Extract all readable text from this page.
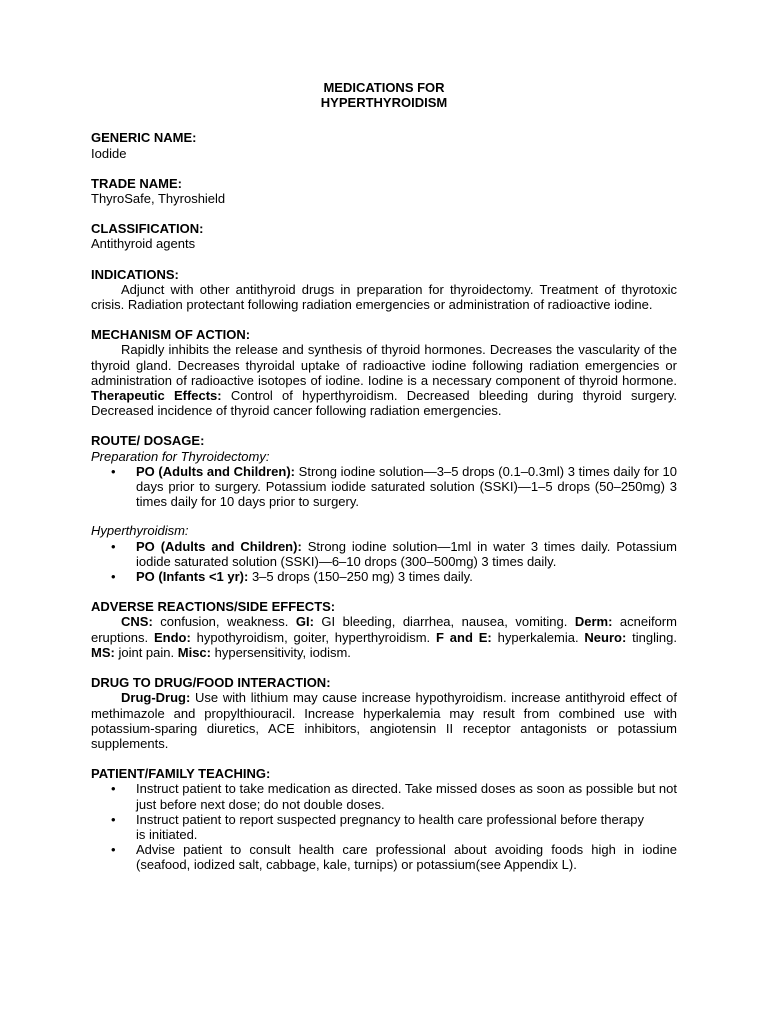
MEDICATIONS FOR
HYPERTHYROIDISM
GENERIC NAME:
Iodide
TRADE NAME:
ThyroSafe, Thyroshield
CLASSIFICATION:
Antithyroid agents
INDICATIONS:
Adjunct with other antithyroid drugs in preparation for thyroidectomy. Treatment of thyrotoxic crisis. Radiation protectant following radiation emergencies or administration of radioactive iodine.
MECHANISM OF ACTION:
Rapidly inhibits the release and synthesis of thyroid hormones. Decreases the vascularity of the thyroid gland. Decreases thyroidal uptake of radioactive iodine following radiation emergencies or administration of radioactive isotopes of iodine. Iodine is a necessary component of thyroid hormone. Therapeutic Effects: Control of hyperthyroidism. Decreased bleeding during thyroid surgery. Decreased incidence of thyroid cancer following radiation emergencies.
ROUTE/ DOSAGE:
Preparation for Thyroidectomy:
• PO (Adults and Children): Strong iodine solution—3–5 drops (0.1–0.3ml) 3 times daily for 10 days prior to surgery. Potassium iodide saturated solution (SSKI)—1–5 drops (50–250mg) 3 times daily for 10 days prior to surgery.
Hyperthyroidism:
• PO (Adults and Children): Strong iodine solution—1ml in water 3 times daily. Potassium iodide saturated solution (SSKI)—6–10 drops (300–500mg) 3 times daily.
• PO (Infants <1 yr): 3–5 drops (150–250 mg) 3 times daily.
ADVERSE REACTIONS/SIDE EFFECTS:
CNS: confusion, weakness. GI: GI bleeding, diarrhea, nausea, vomiting. Derm: acneiform eruptions. Endo: hypothyroidism, goiter, hyperthyroidism. F and E: hyperkalemia. Neuro: tingling. MS: joint pain. Misc: hypersensitivity, iodism.
DRUG TO DRUG/FOOD INTERACTION:
Drug-Drug: Use with lithium may cause increase hypothyroidism. increase antithyroid effect of methimazole and propylthiouracil. Increase hyperkalemia may result from combined use with potassium-sparing diuretics, ACE inhibitors, angiotensin II receptor antagonists or potassium supplements.
PATIENT/FAMILY TEACHING:
• Instruct patient to take medication as directed. Take missed doses as soon as possible but not just before next dose; do not double doses.
• Instruct patient to report suspected pregnancy to health care professional before therapy
is initiated.
• Advise patient to consult health care professional about avoiding foods high in iodine (seafood, iodized salt, cabbage, kale, turnips) or potassium(see Appendix L).
